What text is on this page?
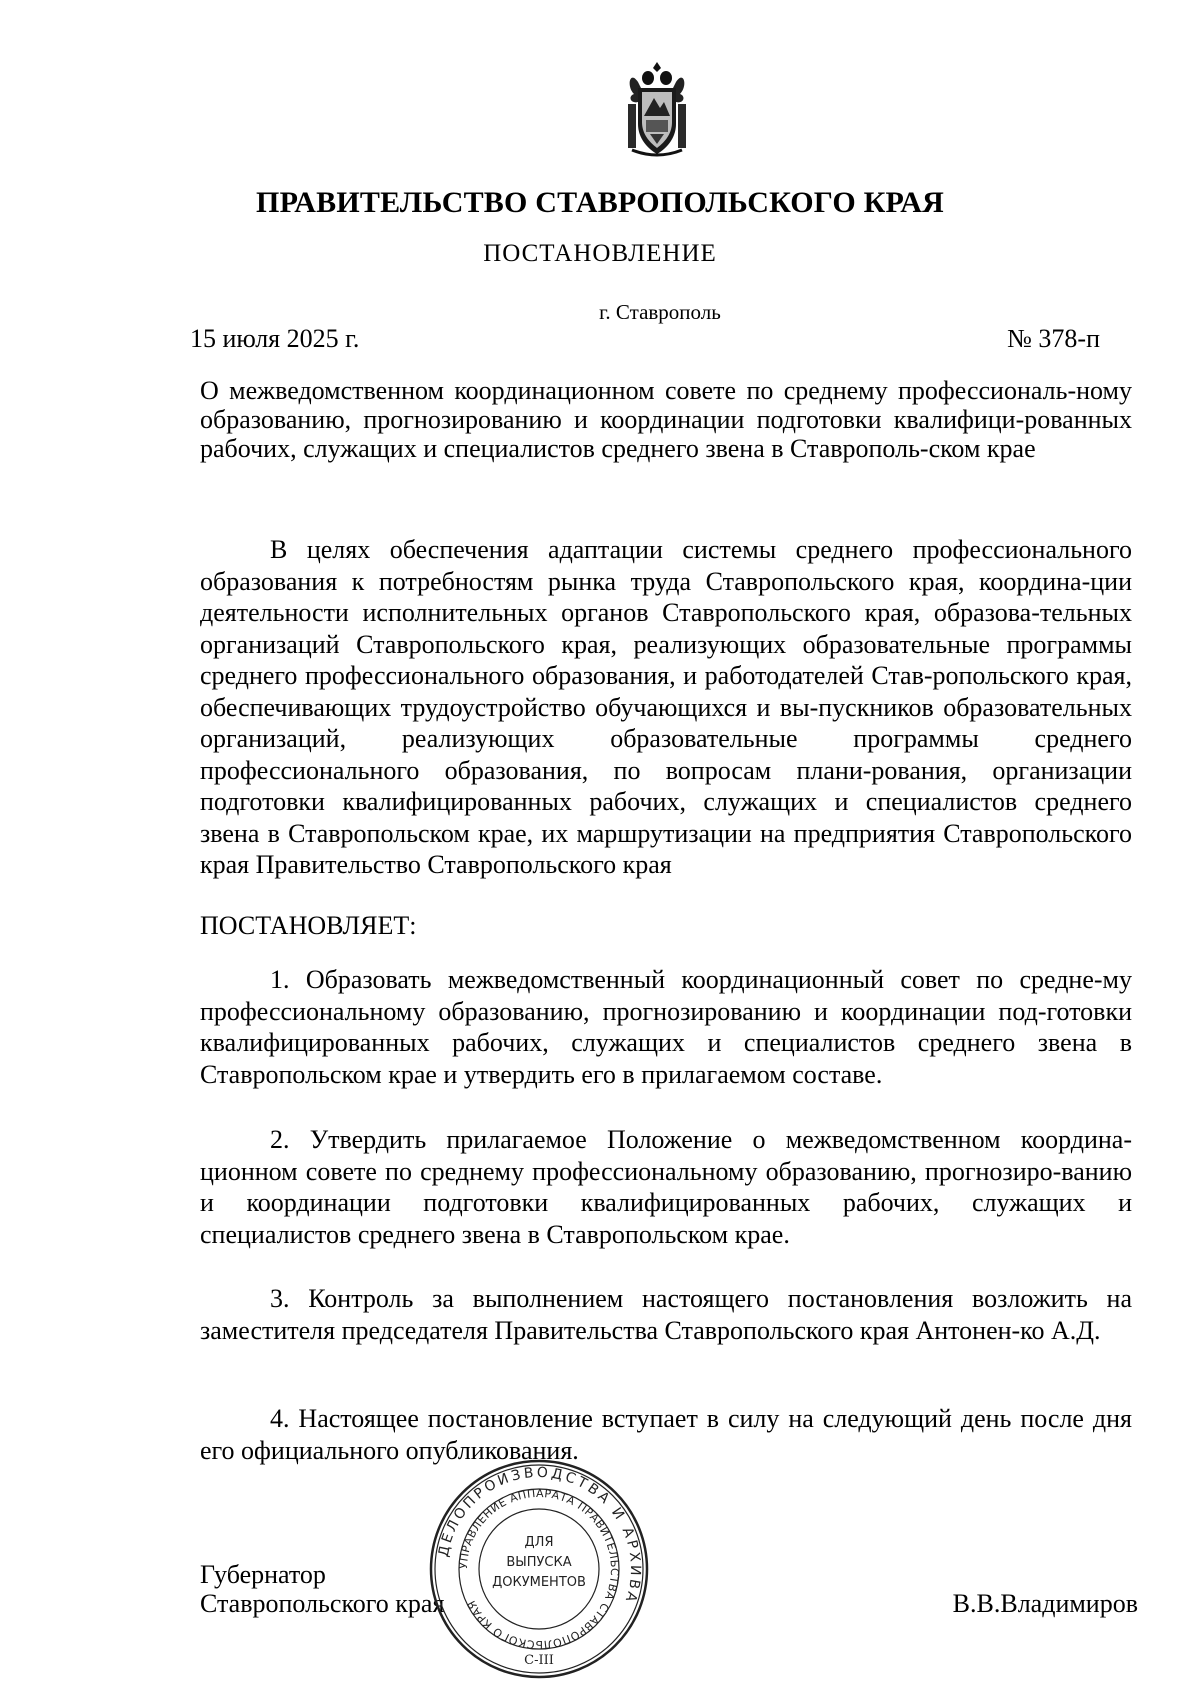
ПРАВИТЕЛЬСТВО СТАВРОПОЛЬСКОГО КРАЯ
ПОСТАНОВЛЕНИЕ
г. Ставрополь
15 июля 2025 г.	№ 378-п

О межведомственном координационном совете по среднему профессиональ-ному образованию, прогнозированию и координации подготовки квалифици-рованных рабочих, служащих и специалистов среднего звена в Ставрополь-ском крае

В целях обеспечения адаптации системы среднего профессионального образования к потребностям рынка труда Ставропольского края, координа-ции деятельности исполнительных органов Ставропольского края, образова-тельных организаций Ставропольского края, реализующих образовательные программы среднего профессионального образования, и работодателей Став-ропольского края, обеспечивающих трудоустройство обучающихся и вы-пускников образовательных организаций, реализующих образовательные программы среднего профессионального образования, по вопросам плани-рования, организации подготовки квалифицированных рабочих, служащих и специалистов среднего звена в Ставропольском крае, их маршрутизации на предприятия Ставропольского края Правительство Ставропольского края

ПОСТАНОВЛЯЕТ:

1. Образовать межведомственный координационный совет по средне-му профессиональному образованию, прогнозированию и координации под-готовки квалифицированных рабочих, служащих и специалистов среднего звена в Ставропольском крае и утвердить его в прилагаемом составе.

2. Утвердить прилагаемое Положение о межведомственном координа-ционном совете по среднему профессиональному образованию, прогнозиро-ванию и координации подготовки квалифицированных рабочих, служащих и специалистов среднего звена в Ставропольском крае.

3. Контроль за выполнением настоящего постановления возложить на заместителя председателя Правительства Ставропольского края Антонен-ко А.Д.

4. Настоящее постановление вступает в силу на следующий день после дня его официального опубликования.

Губернатор
Ставропольского края	В.В.Владимиров
ДЕЛОПРОИЗВОДСТВА И АРХИВА
УПРАВЛЕНИЕ АППАРАТА ПРАВИТЕЛЬСТВА СТАВРОПОЛЬСКОГО КРАЯ
ДЛЯ
ВЫПУСКА
ДОКУМЕНТОВ
С-III
